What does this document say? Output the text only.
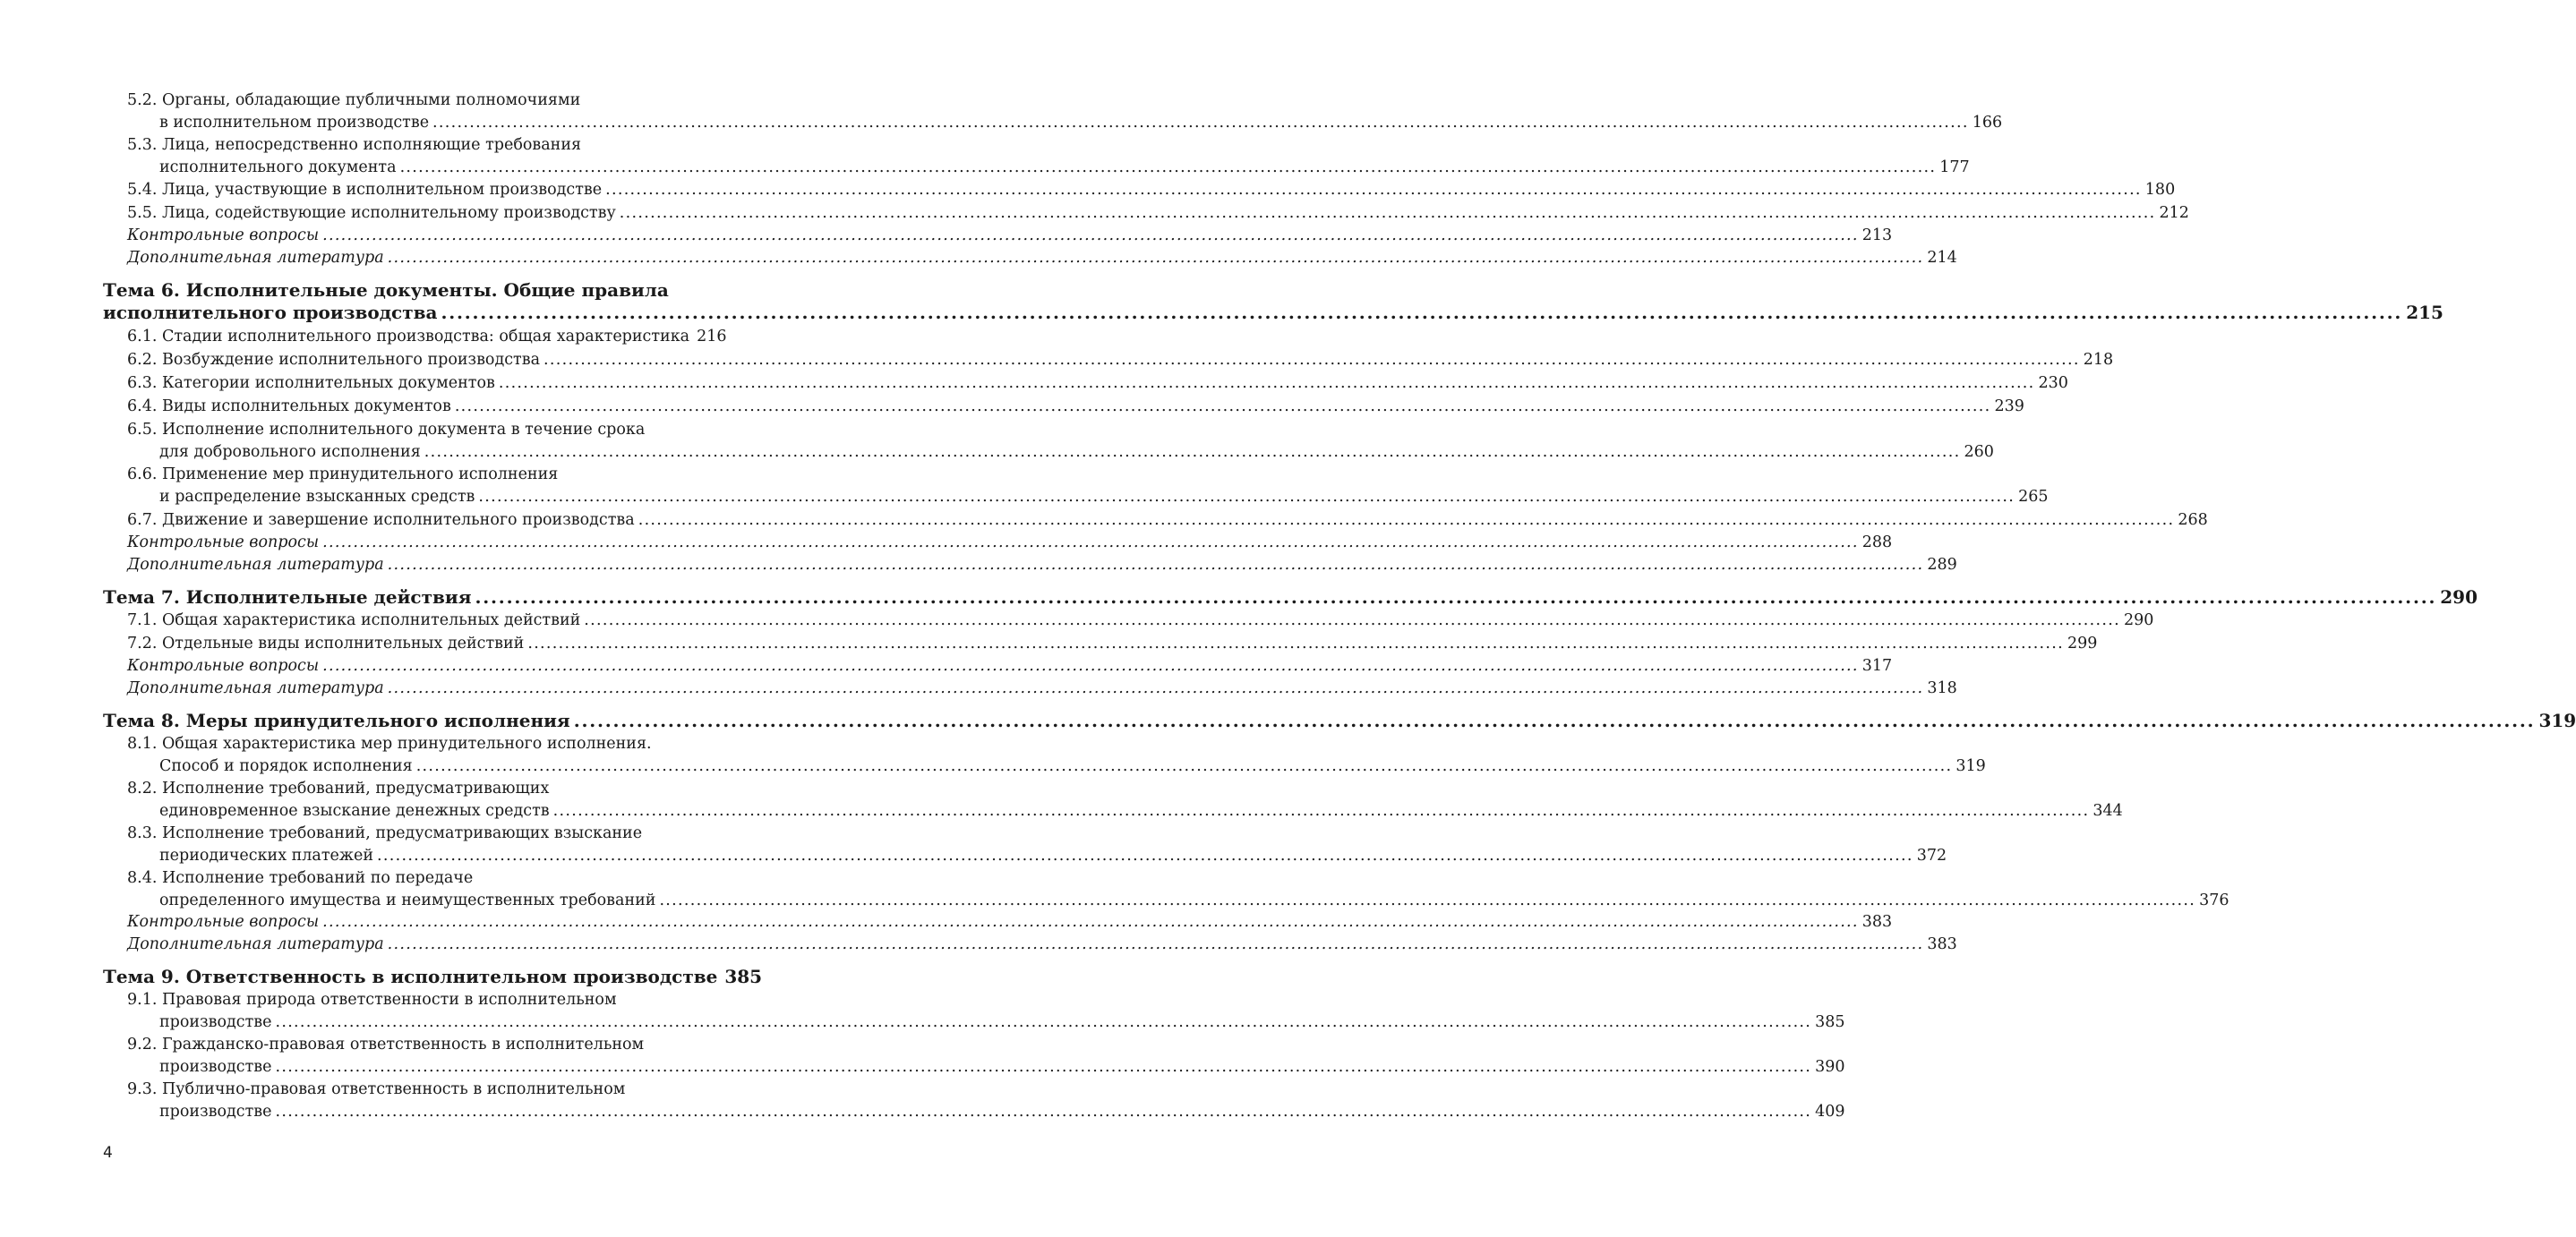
5.2. Органы, обладающие публичными полномочиями
в исполнительном производстве .....	166
5.3. Лица, непосредственно исполняющие требования
исполнительного документа .....	177
5.4. Лица, участвующие в исполнительном производстве .....	180
5.5. Лица, содействующие исполнительному производству .....	212
Контрольные вопросы .....	213
Дополнительная литература .....	214
Тема 6. Исполнительные документы. Общие правила
исполнительного производства .....	215
6.1. Стадии исполнительного производства: общая характеристика 216
6.2. Возбуждение исполнительного производства .....	218
6.3. Категории исполнительных документов .....	230
6.4. Виды исполнительных документов .....	239
6.5. Исполнение исполнительного документа в течение срока
для добровольного исполнения .....	260
6.6. Применение мер принудительного исполнения
и распределение взысканных средств .....	265
6.7. Движение и завершение исполнительного производства .....	268
Контрольные вопросы .....	288
Дополнительная литература .....	289
Тема 7. Исполнительные действия .....	290
7.1. Общая характеристика исполнительных действий .....	290
7.2. Отдельные виды исполнительных действий .....	299
Контрольные вопросы .....	317
Дополнительная литература .....	318
Тема 8. Меры принудительного исполнения .....	319
8.1. Общая характеристика мер принудительного исполнения.
Способ и порядок исполнения .....	319
8.2. Исполнение требований, предусматривающих
единовременное взыскание денежных средств .....	344
8.3. Исполнение требований, предусматривающих взыскание
периодических платежей .....	372
8.4. Исполнение требований по передаче
определенного имущества и неимущественных требований .....	376
Контрольные вопросы .....	383
Дополнительная литература .....	383
Тема 9. Ответственность в исполнительном производстве 385
9.1. Правовая природа ответственности в исполнительном
производстве .....	385
9.2. Гражданско-правовая ответственность в исполнительном
производстве .....	390
9.3. Публично-правовая ответственность в исполнительном
производстве .....	409
4
